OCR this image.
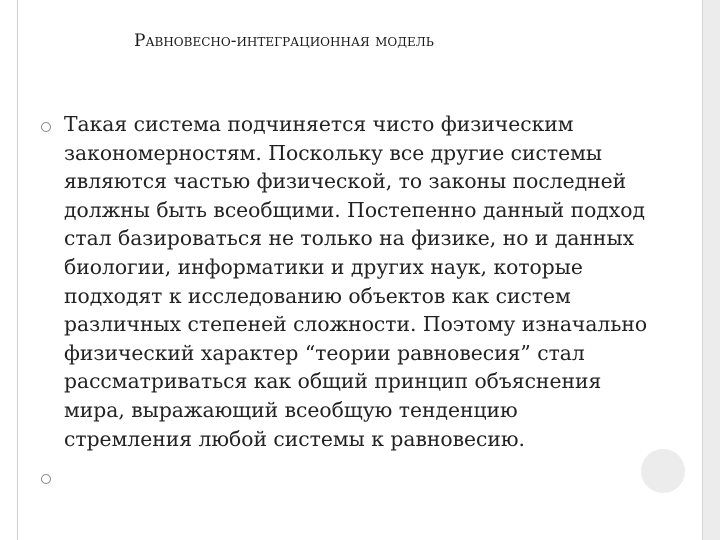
Равновесно-интеграционная модель

Такая система подчиняется чисто физическим
закономерностям. Поскольку все другие системы
являются частью физической, то законы последней
должны быть всеобщими. Постепенно данный подход
стал базироваться не только на физике, но и данных
биологии, информатики и других наук, которые
подходят к исследованию объектов как систем
различных степеней сложности. Поэтому изначально
физический характер “теории равновесия” стал
рассматриваться как общий принцип объяснения
мира, выражающий всеобщую тенденцию
стремления любой системы к равновесию.
